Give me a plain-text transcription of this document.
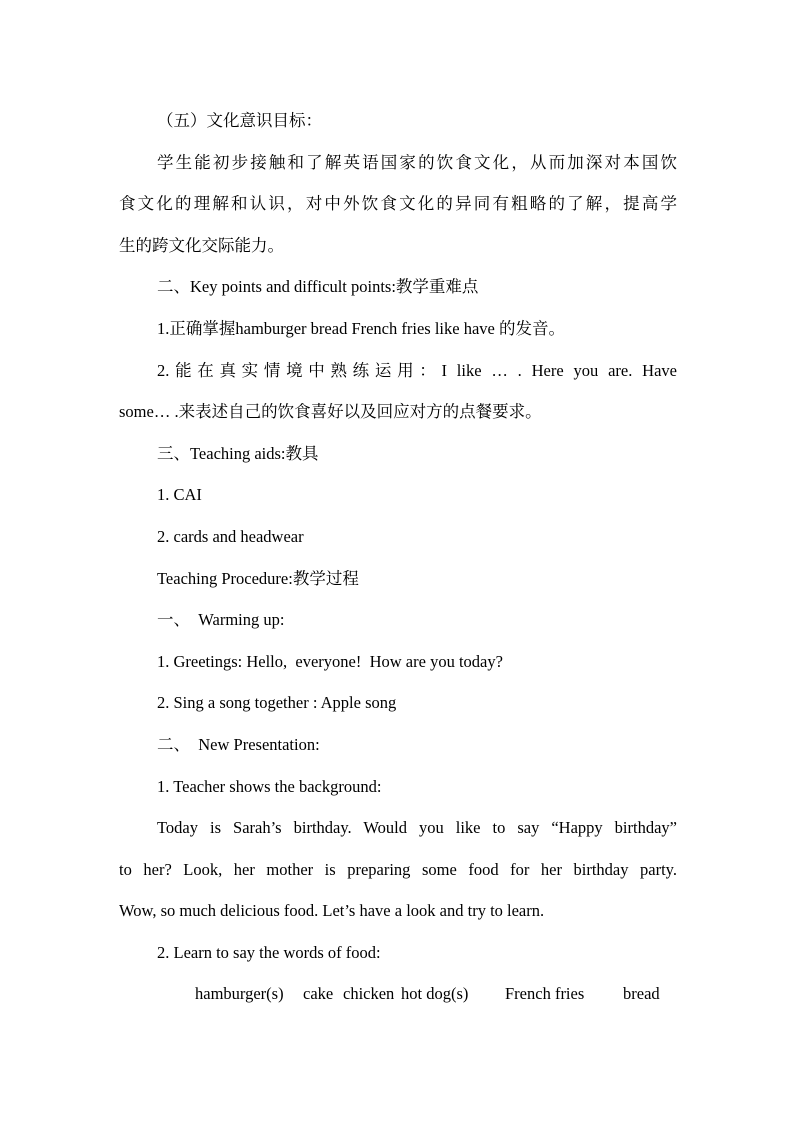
（五）文化意识目标：

学生能初步接触和了解英语国家的饮食文化，从而加深对本国饮

食文化的理解和认识，对中外饮食文化的异同有粗略的了解，提高学

生的跨文化交际能力。

二、Key points and difficult points:教学重难点

1.正确掌握hamburger bread French fries like have 的发音。

2.能在真实情境中熟练运用：I like … . Here you are. Have

some… .来表述自己的饮食喜好以及回应对方的点餐要求。

三、Teaching aids:教具

1. CAI

2. cards and headwear

Teaching Procedure:教学过程

一、  Warming up:

1. Greetings: Hello,  everyone!  How are you today?

2. Sing a song together : Apple song

二、  New Presentation:

1. Teacher shows the background:

Today is Sarah’s birthday. Would you like to say “Happy birthday”

to her? Look, her mother is preparing some food for her birthday party.

Wow, so much delicious food. Let’s have a look and try to learn.

2. Learn to say the words of food:

hamburger(s) cake chicken hot dog(s) French fries bread
